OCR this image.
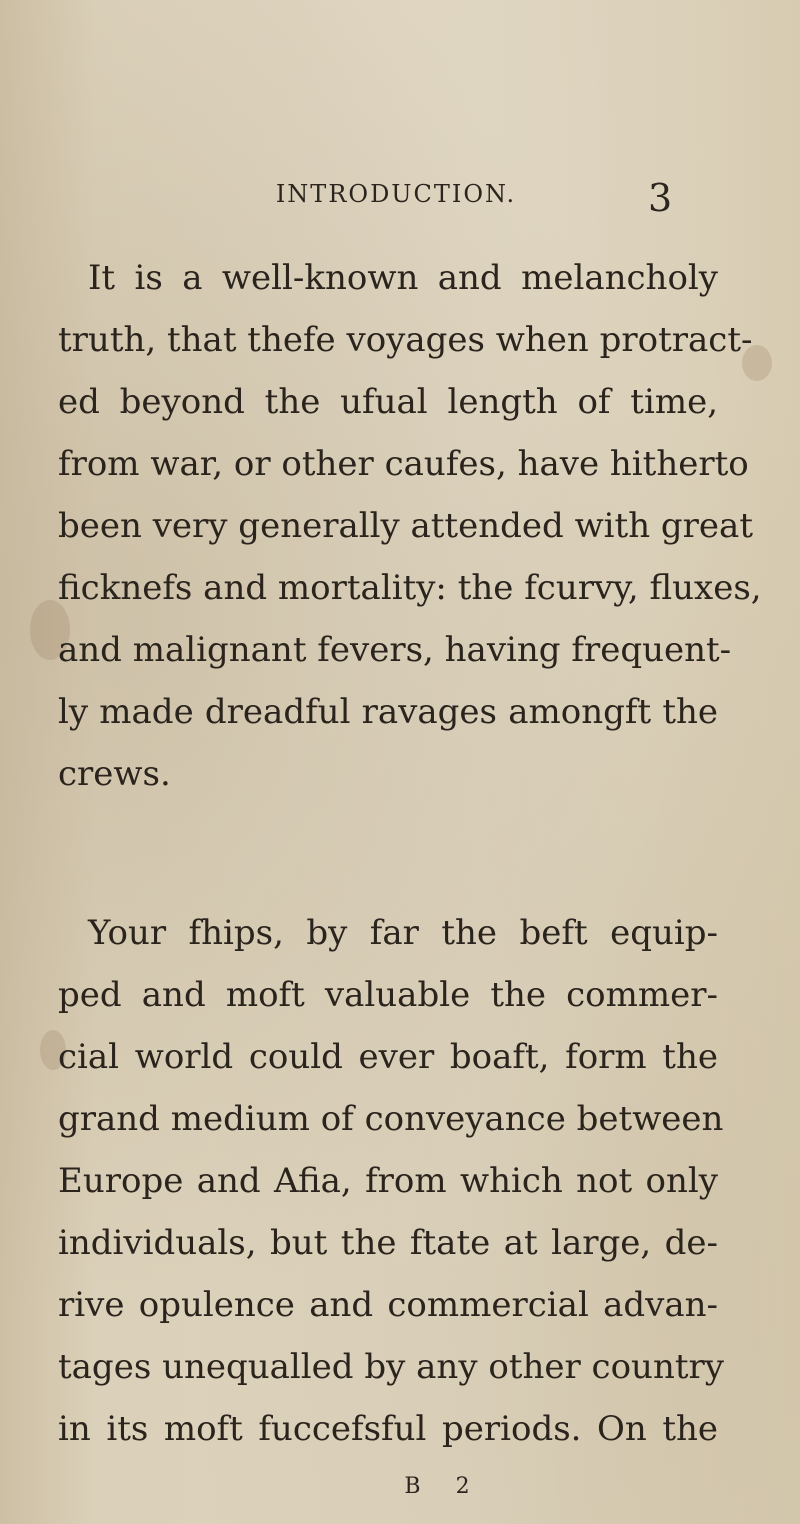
INTRODUCTION.	3
It is a well-known and melancholy
truth, that thefe voyages when protract-
ed beyond the ufual length of time,
from war, or other caufes, have hitherto
been very generally attended with great
ficknefs and mortality: the fcurvy, fluxes,
and malignant fevers, having frequent-
ly made dreadful ravages amongft the
crews.
Your fhips, by far the beft equip-
ped and moft valuable the commer-
cial world could ever boaft, form the
grand medium of conveyance between
Europe and Afia, from which not only
individuals, but the ftate at large, de-
rive opulence and commercial advan-
tages unequalled by any other country
in its moft fuccefsful periods. On the
B 2
